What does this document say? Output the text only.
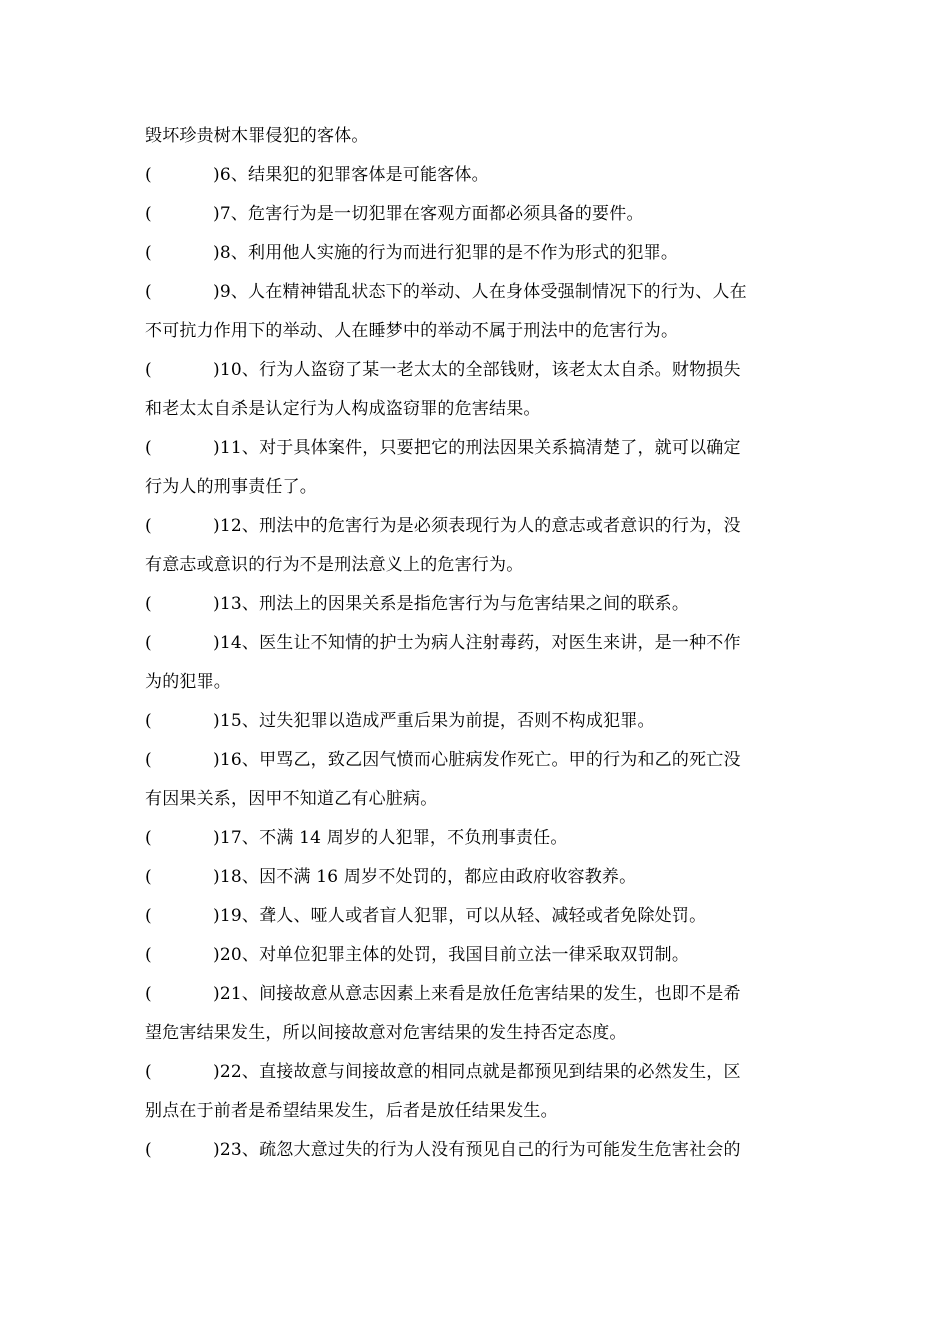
毁坏珍贵树木罪侵犯的客体。
(	)6、结果犯的犯罪客体是可能客体。
(	)7、危害行为是一切犯罪在客观方面都必须具备的要件。
(	)8、利用他人实施的行为而进行犯罪的是不作为形式的犯罪。
(	)9、人在精神错乱状态下的举动、人在身体受强制情况下的行为、人在
不可抗力作用下的举动、人在睡梦中的举动不属于刑法中的危害行为。
(	)10、行为人盗窃了某一老太太的全部钱财，该老太太自杀。财物损失
和老太太自杀是认定行为人构成盗窃罪的危害结果。
(	)11、对于具体案件，只要把它的刑法因果关系搞清楚了，就可以确定
行为人的刑事责任了。
(	)12、刑法中的危害行为是必须表现行为人的意志或者意识的行为，没
有意志或意识的行为不是刑法意义上的危害行为。
(	)13、刑法上的因果关系是指危害行为与危害结果之间的联系。
(	)14、医生让不知情的护士为病人注射毒药，对医生来讲，是一种不作
为的犯罪。
(	)15、过失犯罪以造成严重后果为前提，否则不构成犯罪。
(	)16、甲骂乙，致乙因气愤而心脏病发作死亡。甲的行为和乙的死亡没
有因果关系，因甲不知道乙有心脏病。
(	)17、不满 14 周岁的人犯罪，不负刑事责任。
(	)18、因不满 16 周岁不处罚的，都应由政府收容教养。
(	)19、聋人、哑人或者盲人犯罪，可以从轻、减轻或者免除处罚。
(	)20、对单位犯罪主体的处罚，我国目前立法一律采取双罚制。
(	)21、间接故意从意志因素上来看是放任危害结果的发生，也即不是希
望危害结果发生，所以间接故意对危害结果的发生持否定态度。
(	)22、直接故意与间接故意的相同点就是都预见到结果的必然发生，区
别点在于前者是希望结果发生，后者是放任结果发生。
(	)23、疏忽大意过失的行为人没有预见自己的行为可能发生危害社会的
